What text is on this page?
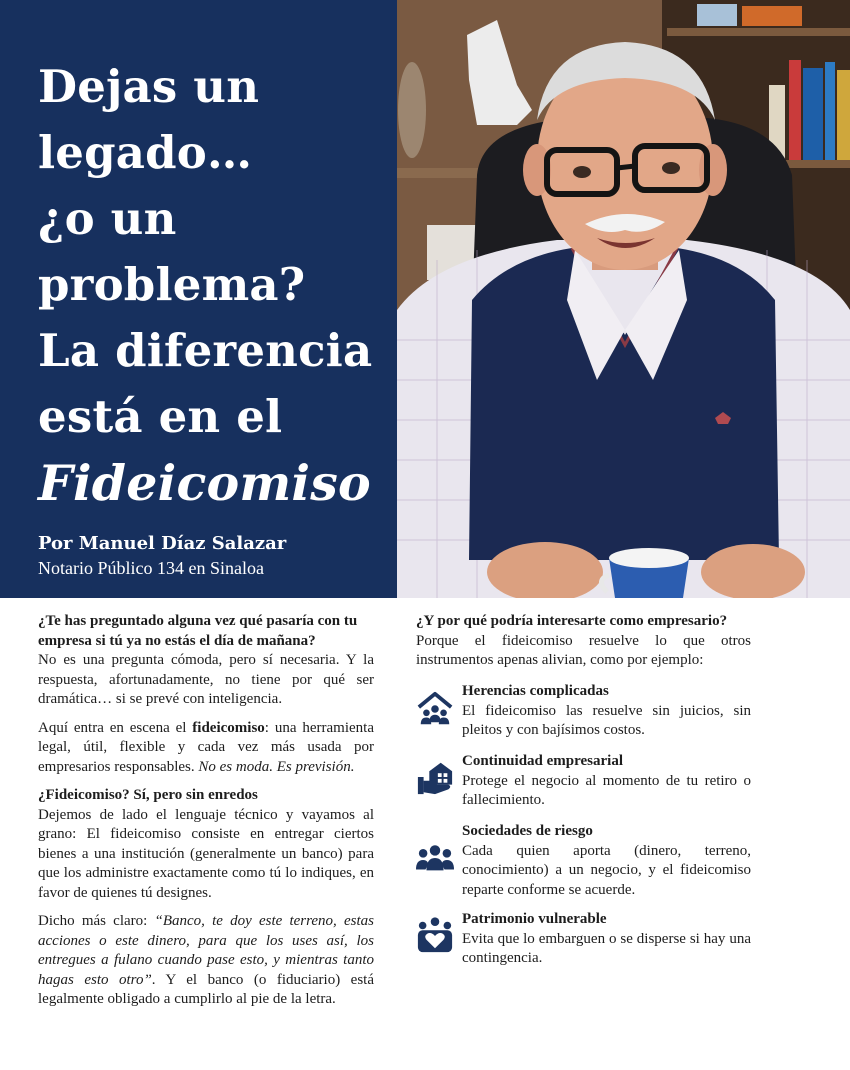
Dejas un
legado…
¿o un
problema?
La diferencia
está en el
Fideicomiso
Por Manuel Díaz Salazar
Notario Público 134 en Sinaloa

¿Te has preguntado alguna vez qué pasaría con tu
empresa si tú ya no estás el día de mañana?

No es una pregunta cómoda, pero sí necesaria. Y la respuesta, afortunadamente, no tiene por qué ser dramática… si se prevé con inteligencia.

Aquí entra en escena el fideicomiso: una herramienta legal, útil, flexible y cada vez más usada por empresarios responsables. No es moda. Es previsión.

¿Fideicomiso? Sí, pero sin enredos

Dejemos de lado el lenguaje técnico y vayamos al grano: El fideicomiso consiste en entregar ciertos bienes a una institución (generalmente un banco) para que los administre exactamente como tú lo indiques, en favor de quienes tú designes.

Dicho más claro: “Banco, te doy este terreno, estas acciones o este dinero, para que los uses así, los entregues a fulano cuando pase esto, y mientras tanto hagas esto otro”. Y el banco (o fiduciario) está legalmente obligado a cumplirlo al pie de la letra.

¿Y por qué podría interesarte como empresario?

Porque el fideicomiso resuelve lo que otros instrumentos apenas alivian, como por ejemplo:

Herencias complicadas
El fideicomiso las resuelve sin juicios, sin pleitos y con bajísimos costos.
Continuidad empresarial
Protege el negocio al momento de tu retiro o fallecimiento.
Sociedades de riesgo
Cada quien aporta (dinero, terreno, conocimiento) a un negocio, y el fideicomiso reparte conforme se acuerde.
Patrimonio vulnerable
Evita que lo embarguen o se disperse si hay una contingencia.
